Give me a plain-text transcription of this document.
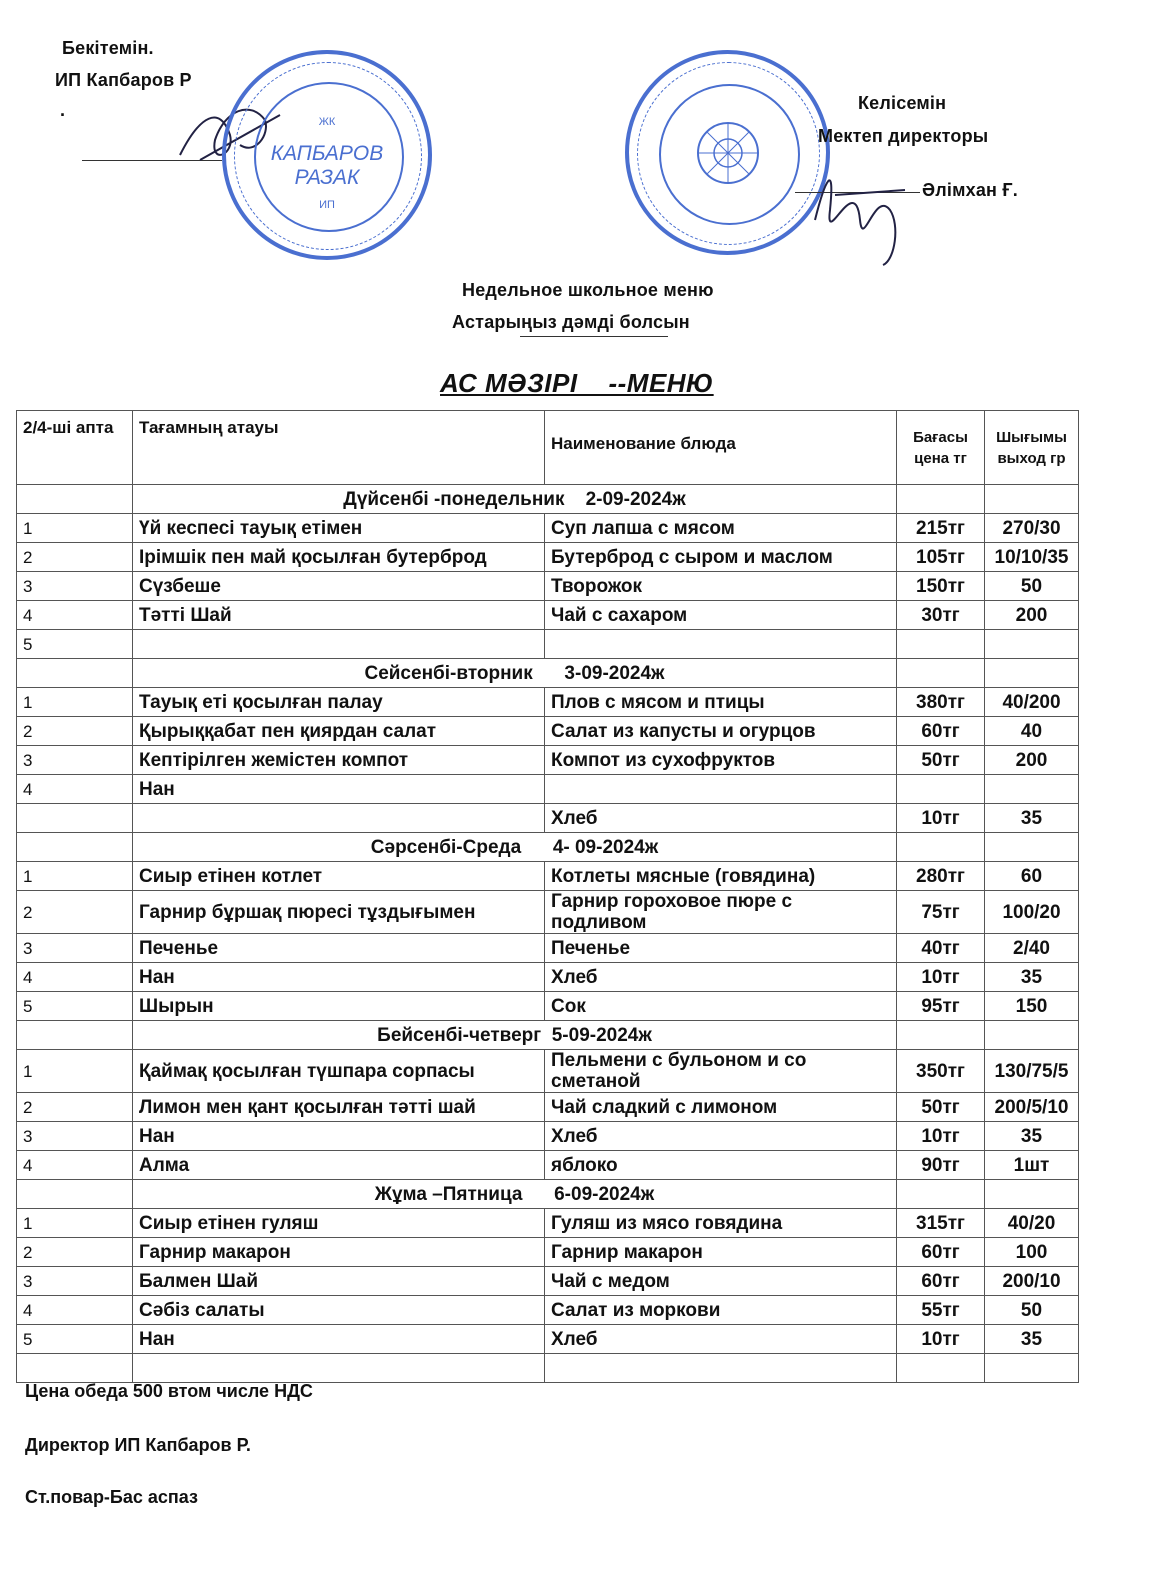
Бекітемін.
ИП Капбаров Р
.
ЖК
КАПБАРОВ
РАЗАК
ИП
Келісемін
Мектеп директоры
Әлімхан Ғ.
Недельное школьное меню
Астарыңыз дәмді болсын
АС МӘЗІРІ    --МЕНЮ
2/4-ші апта	Тағамның атауы	Наименование блюда	Бағасы цена тг	Шығымы выход гр
	Дүйсенбі -понедельник    2-09-2024ж			
1	Үй кеспесі тауық етімен	Суп лапша с мясом	215тг	270/30
2	Ірімшік пен май қосылған бутерброд	Бутерброд с сыром и маслом	105тг	10/10/35
3	Сүзбеше	Творожок	150тг	50
4	Тәтті Шай	Чай с сахаром	30тг	200
5				
	Сейсенбі-вторник      3-09-2024ж			
1	Тауық еті қосылған палау	Плов с мясом и птицы	380тг	40/200
2	Қырыққабат пен қиярдан салат	Салат из капусты и огурцов	60тг	40
3	Кептірілген жемістен компот	Компот из сухофруктов	50тг	200
4	Нан			
		Хлеб	10тг	35
	Сәрсенбі-Среда      4- 09-2024ж			
1	Сиыр етінен котлет	Котлеты мясные (говядина)	280тг	60
2	Гарнир бұршақ пюресі тұздығымен	Гарнир гороховое пюре с подливом	75тг	100/20
3	Печенье	Печенье	40тг	2/40
4	Нан	Хлеб	10тг	35
5	Шырын	Сок	95тг	150
	Бейсенбі-четверг  5-09-2024ж			
1	Қаймақ қосылған түшпара сорпасы	Пельмени с бульоном и со сметаной	350тг	130/75/5
2	Лимон мен қант қосылған тәтті шай	Чай сладкий с лимоном	50тг	200/5/10
3	Нан	Хлеб	10тг	35
4	Алма	яблоко	90тг	1шт
	Жұма –Пятница      6-09-2024ж			
1	Сиыр етінен гуляш	Гуляш из мясо говядина	315тг	40/20
2	Гарнир макарон	Гарнир макарон	60тг	100
3	Балмен Шай	Чай с медом	60тг	200/10
4	Сәбіз салаты	Салат из моркови	55тг	50
5	Нан	Хлеб	10тг	35

Цена обеда 500 втом числе НДС
Директор ИП Капбаров Р.
Ст.повар-Бас аспаз
